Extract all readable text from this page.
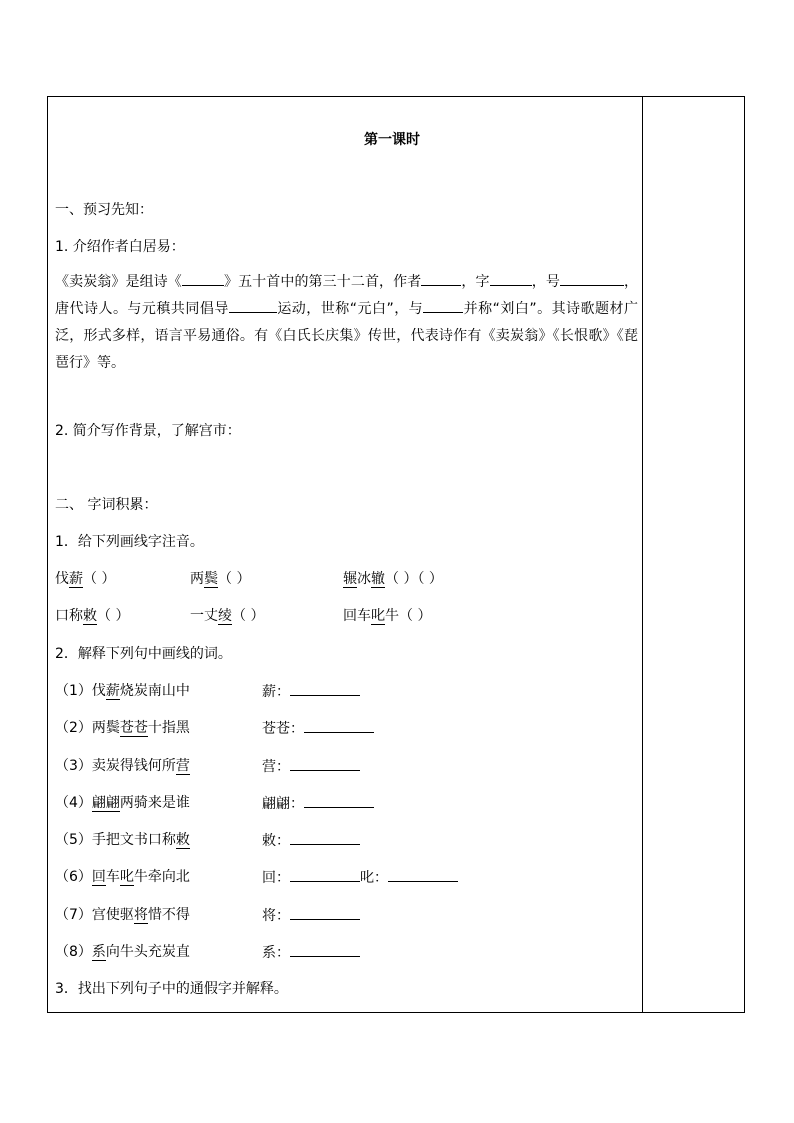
第一课时
一、预习先知：
1. 介绍作者白居易：
《卖炭翁》是组诗《	》五十首中的第三十二首，作者	，字	，号	，唐代诗人。与元稹共同倡导	运动，世称“元白”，与	并称“刘白”。其诗歌题材广泛，形式多样，语言平易通俗。有《白氏长庆集》传世，代表诗作有《卖炭翁》《长恨歌》《琵琶行》等。
2. 简介写作背景，了解宫市：
二、 字词积累：
1．给下列画线字注音。
伐薪（ ）	两鬓（ ）	辗冰辙（ ）（ ）
口称敕（ ）	一丈绫（ ）	回车叱牛（ ）
2．解释下列句中画线的词。
（1）伐薪烧炭南山中	薪：
（2）两鬓苍苍十指黑	苍苍：
（3）卖炭得钱何所营	营：
（4）翩翩两骑来是谁	翩翩：
（5）手把文书口称敕	敕：
（6）回车叱牛牵向北	回：	叱：
（7）宫使驱将惜不得	将：
（8）系向牛头充炭直	系：
3．找出下列句子中的通假字并解释。
